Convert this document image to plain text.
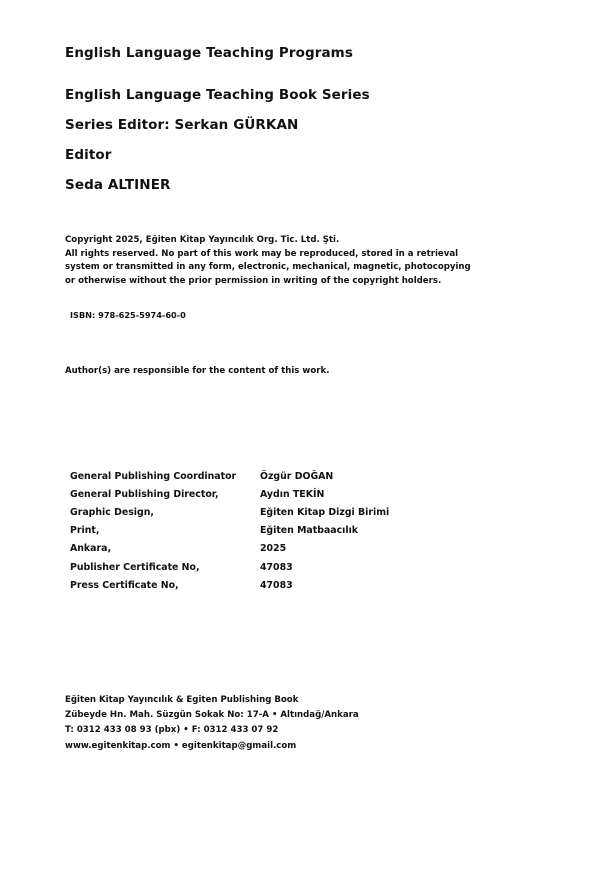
English Language Teaching Programs
English Language Teaching Book Series
Series Editor: Serkan GÜRKAN
Editor
Seda ALTINER
Copyright 2025, Eğiten Kitap Yayıncılık Org. Tic. Ltd. Şti.
All rights reserved. No part of this work may be reproduced, stored in a retrieval
system or transmitted in any form, electronic, mechanical, magnetic, photocopying
or otherwise without the prior permission in writing of the copyright holders.
ISBN: 978-625-5974-60-0
Author(s) are responsible for the content of this work.
General Publishing Coordinator	Özgür DOĞAN
General Publishing Director,	Aydın TEKİN
Graphic Design,	Eğiten Kitap Dizgi Birimi
Print,	Eğiten Matbaacılık
Ankara,	2025
Publisher Certificate No,	47083
Press Certificate No,	47083
Eğiten Kitap Yayıncılık & Egiten Publishing Book
Zübeyde Hn. Mah. Süzgün Sokak No: 17-A • Altındağ/Ankara
T: 0312 433 08 93 (pbx) • F: 0312 433 07 92
www.egitenkitap.com • egitenkitap@gmail.com
